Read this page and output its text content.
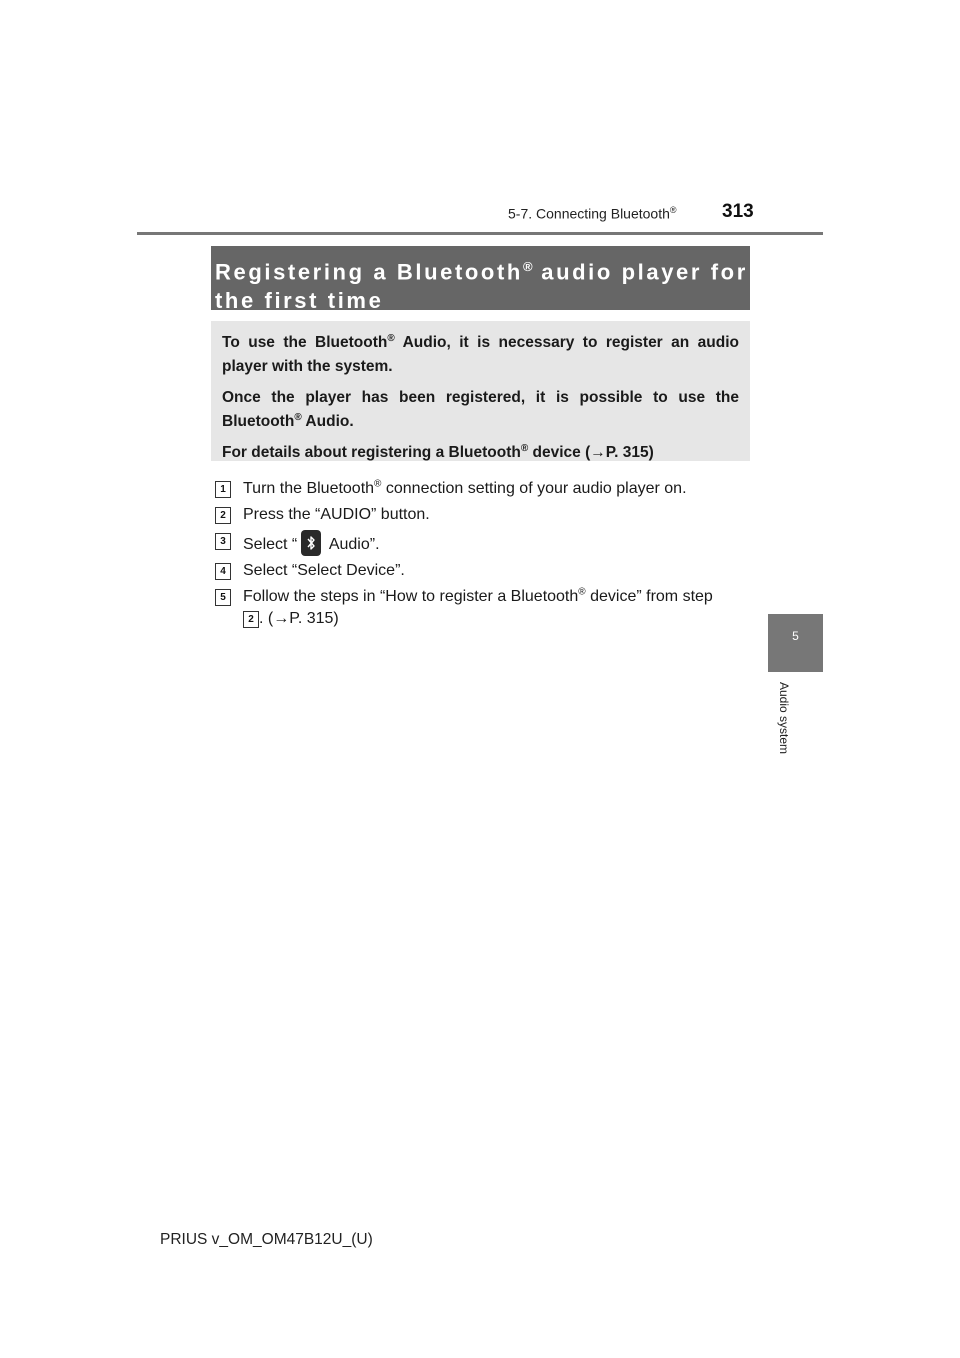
5-7. Connecting Bluetooth® 313
5
Audio system
Registering a Bluetooth® audio player for
the first time

To use the Bluetooth® Audio, it is necessary to register an audio player with the system.

Once the player has been registered, it is possible to use the Bluetooth® Audio.

For details about registering a Bluetooth® device (→P. 315)

1	Turn the Bluetooth® connection setting of your audio player on.
2	Press the “AUDIO” button.
3	Select “
Audio”.
4	Select “Select Device”.
5	Follow the steps in “How to register a Bluetooth® device” from step
2 . (→P. 315)
PRIUS v_OM_OM47B12U_(U)
